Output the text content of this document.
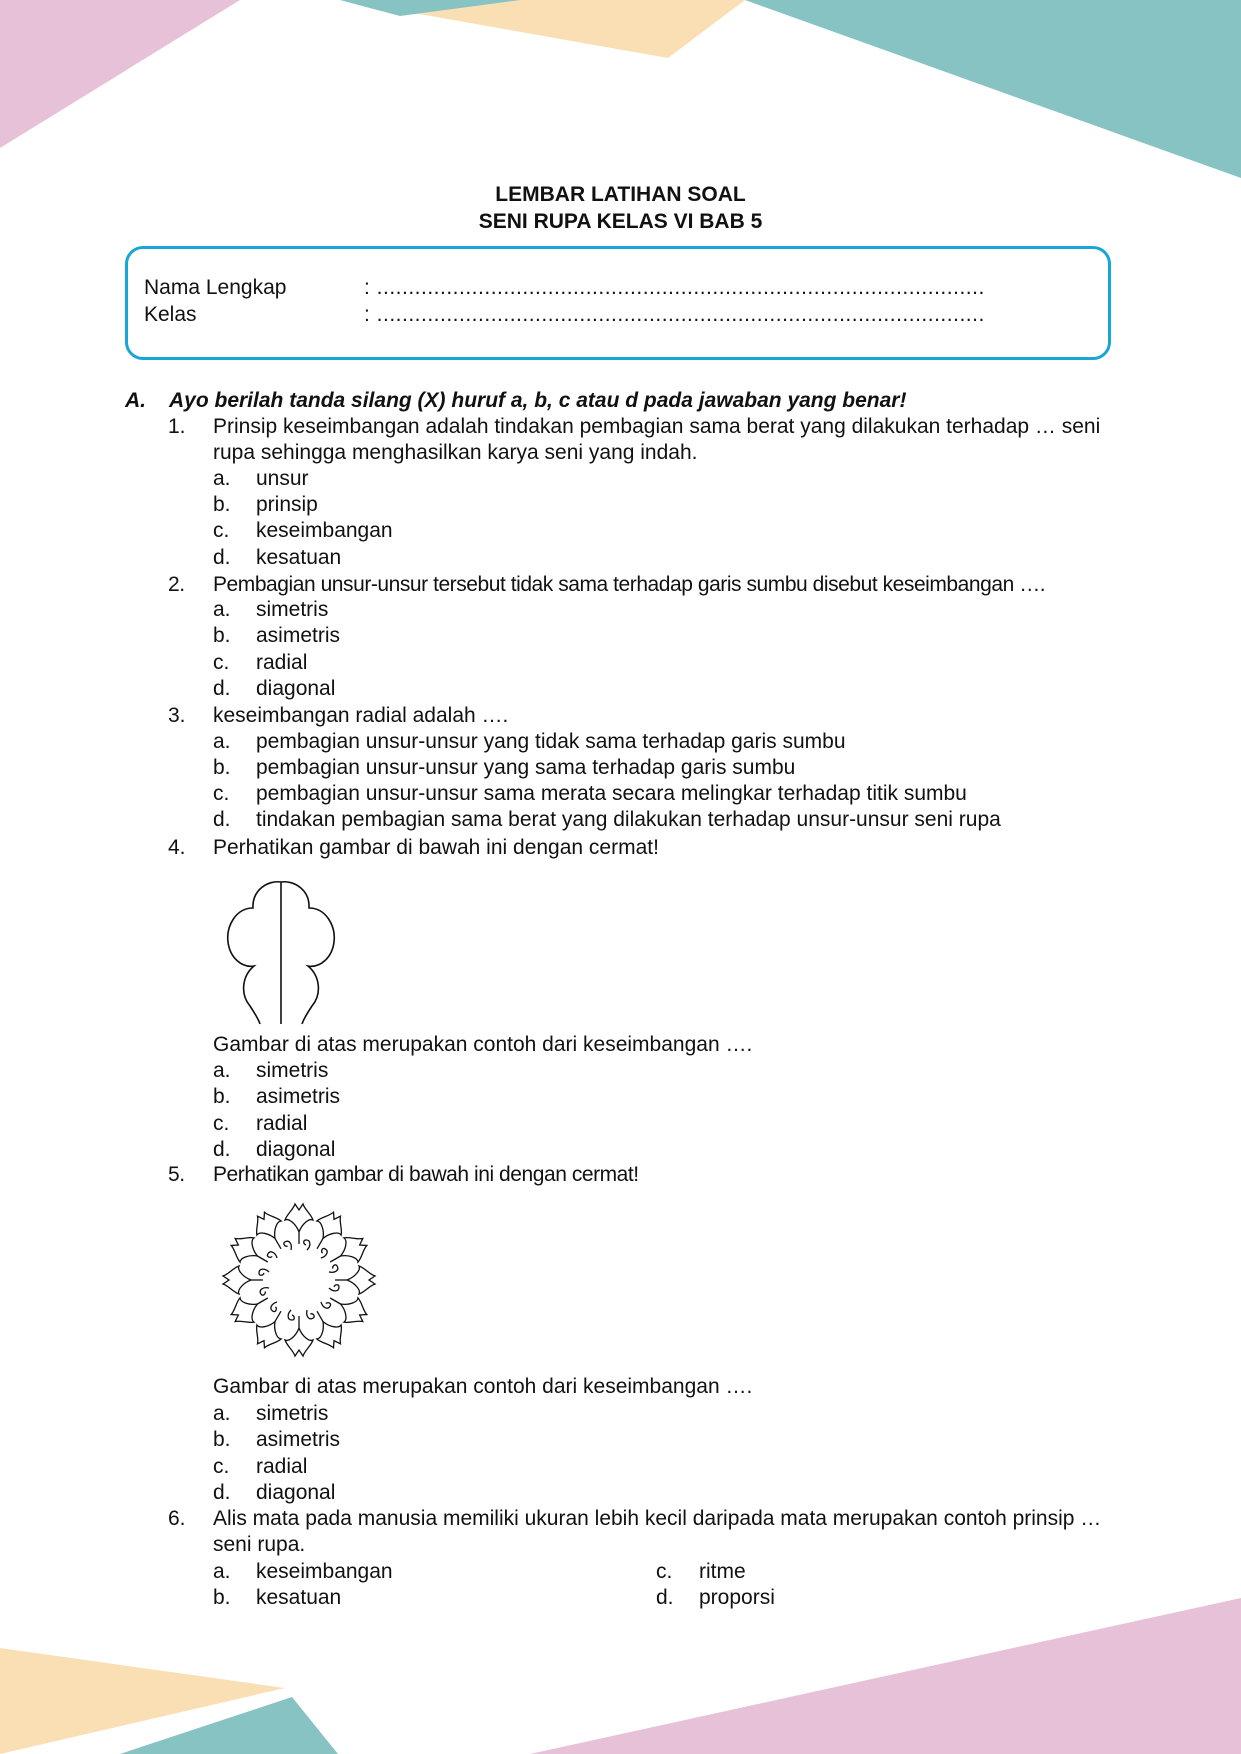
LEMBAR LATIHAN SOAL
SENI RUPA KELAS VI BAB 5
Nama Lengkap	: ................................................................................................
Kelas	: ................................................................................................
A. Ayo berilah tanda silang (X) huruf a, b, c atau d pada jawaban yang benar!
1. Prinsip keseimbangan adalah tindakan pembagian sama berat yang dilakukan terhadap … seni rupa sehingga menghasilkan karya seni yang indah.
a. unsur
b. prinsip
c. keseimbangan
d. kesatuan
2. Pembagian unsur-unsur tersebut tidak sama terhadap garis sumbu disebut keseimbangan ….
a. simetris
b. asimetris
c. radial
d. diagonal
3. keseimbangan radial adalah ….
a. pembagian unsur-unsur yang tidak sama terhadap garis sumbu
b. pembagian unsur-unsur yang sama terhadap garis sumbu
c. pembagian unsur-unsur sama merata secara melingkar terhadap titik sumbu
d. tindakan pembagian sama berat yang dilakukan terhadap unsur-unsur seni rupa
4. Perhatikan gambar di bawah ini dengan cermat!
Gambar di atas merupakan contoh dari keseimbangan ….
a. simetris
b. asimetris
c. radial
d. diagonal
5. Perhatikan gambar di bawah ini dengan cermat!
Gambar di atas merupakan contoh dari keseimbangan ….
a. simetris
b. asimetris
c. radial
d. diagonal
6. Alis mata pada manusia memiliki ukuran lebih kecil daripada mata merupakan contoh prinsip … seni rupa.
a. keseimbangan
b. kesatuan
c. ritme
d. proporsi
